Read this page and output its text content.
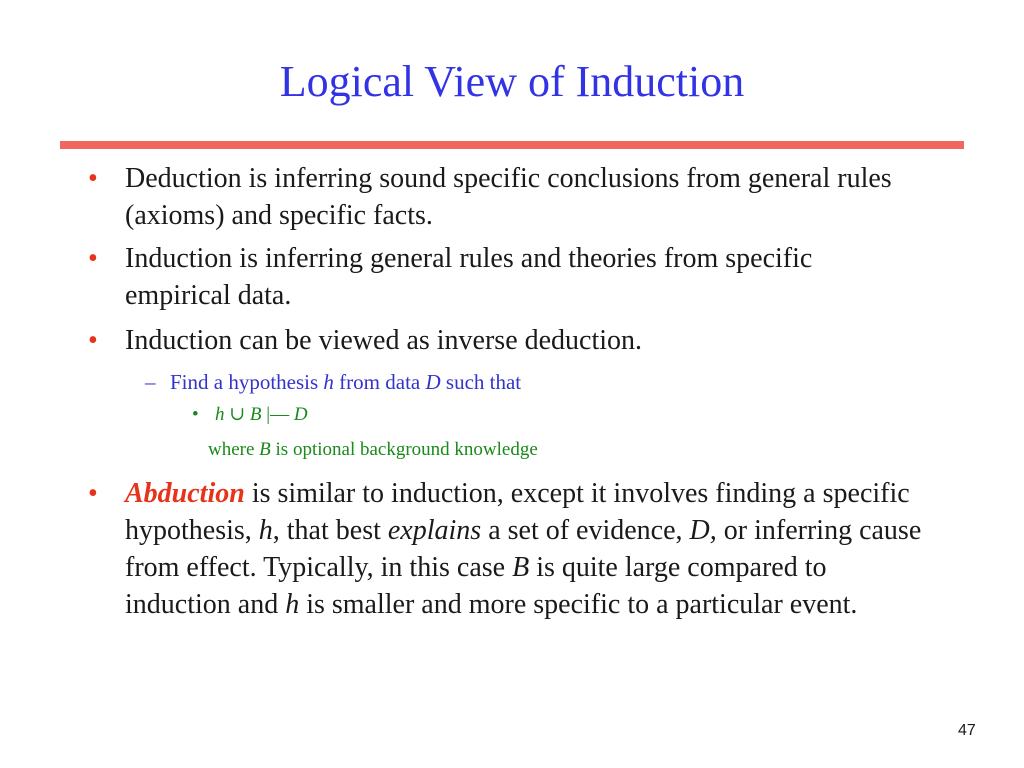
Logical View of Induction
• Deduction is inferring sound specific conclusions from general rules (axioms) and specific facts.
• Induction is inferring general rules and theories from specific empirical data.
• Induction can be viewed as inverse deduction.
– Find a hypothesis h from data D such that
• h ∪ B |— D
where B is optional background knowledge
• Abduction is similar to induction, except it involves finding a specific hypothesis, h, that best explains a set of evidence, D, or inferring cause from effect. Typically, in this case B is quite large compared to induction and h is smaller and more specific to a particular event.
47
